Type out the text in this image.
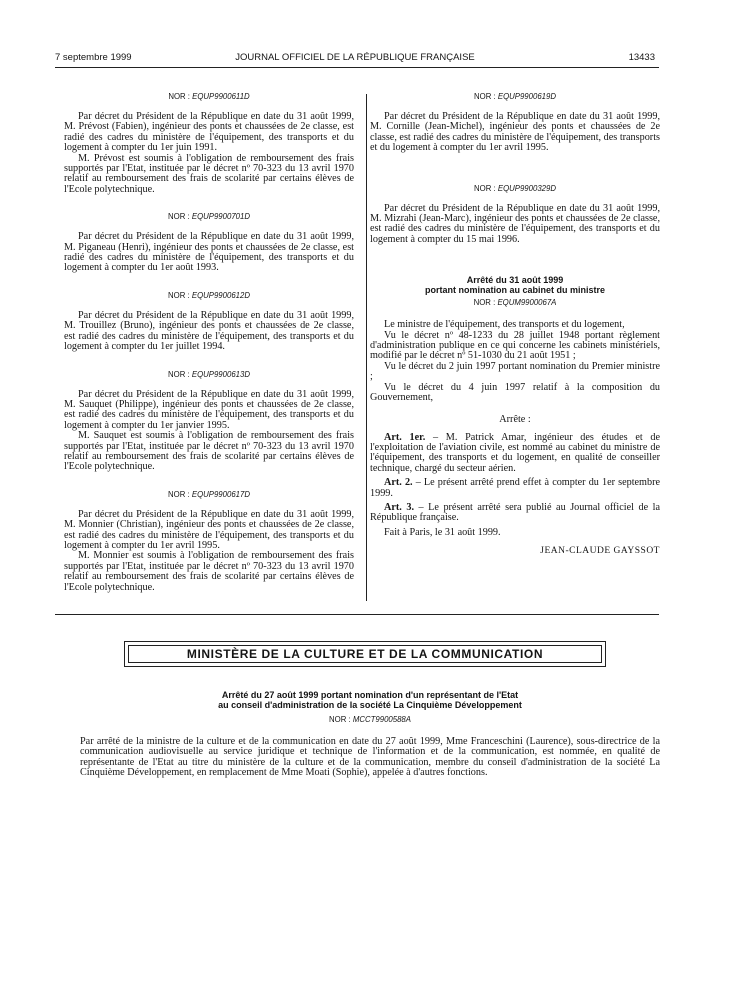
7 septembre 1999	JOURNAL OFFICIEL DE LA RÉPUBLIQUE FRANÇAISE	13433
NOR : EQUP9900611D

Par décret du Président de la République en date du 31 août 1999, M. Prévost (Fabien), ingénieur des ponts et chaussées de 2e classe, est radié des cadres du ministère de l'équipement, des transports et du logement à compter du 1er juin 1991.

M. Prévost est soumis à l'obligation de remboursement des frais supportés par l'Etat, instituée par le décret nº 70-323 du 13 avril 1970 relatif au remboursement des frais de scolarité par certains élèves de l'Ecole polytechnique.

NOR : EQUP9900701D

Par décret du Président de la République en date du 31 août 1999, M. Piganeau (Henri), ingénieur des ponts et chaussées de 2e classe, est radié des cadres du ministère de l'équipement, des transports et du logement à compter du 1er août 1993.

NOR : EQUP9900612D

Par décret du Président de la République en date du 31 août 1999, M. Trouillez (Bruno), ingénieur des ponts et chaussées de 2e classe, est radié des cadres du ministère de l'équipement, des transports et du logement à compter du 1er juillet 1994.

NOR : EQUP9900613D

Par décret du Président de la République en date du 31 août 1999, M. Sauquet (Philippe), ingénieur des ponts et chaussées de 2e classe, est radié des cadres du ministère de l'équipement, des transports et du logement à compter du 1er janvier 1995.

M. Sauquet est soumis à l'obligation de remboursement des frais supportés par l'Etat, instituée par le décret nº 70-323 du 13 avril 1970 relatif au remboursement des frais de scolarité par certains élèves de l'Ecole polytechnique.

NOR : EQUP9900617D

Par décret du Président de la République en date du 31 août 1999, M. Monnier (Christian), ingénieur des ponts et chaussées de 2e classe, est radié des cadres du ministère de l'équipement, des transports et du logement à compter du 1er avril 1995.

M. Monnier est soumis à l'obligation de remboursement des frais supportés par l'Etat, instituée par le décret nº 70-323 du 13 avril 1970 relatif au remboursement des frais de scolarité par certains élèves de l'Ecole polytechnique.

NOR : EQUP9900619D

Par décret du Président de la République en date du 31 août 1999, M. Cornille (Jean-Michel), ingénieur des ponts et chaussées de 2e classe, est radié des cadres du ministère de l'équipement, des transports et du logement à compter du 1er avril 1995.

NOR : EQUP9900329D

Par décret du Président de la République en date du 31 août 1999, M. Mizrahi (Jean-Marc), ingénieur des ponts et chaussées de 2e classe, est radié des cadres du ministère de l'équipement, des transports et du logement à compter du 15 mai 1996.

Arrêté du 31 août 1999

portant nomination au cabinet du ministre

NOR : EQUM9900067A

Le ministre de l'équipement, des transports et du logement,

Vu le décret nº 48-1233 du 28 juillet 1948 portant règlement d'administration publique en ce qui concerne les cabinets ministériels, modifié par le décret nº 51-1030 du 21 août 1951 ;

Vu le décret du 2 juin 1997 portant nomination du Premier ministre ;

Vu le décret du 4 juin 1997 relatif à la composition du Gouvernement,

Arrête :

Art. 1er. – M. Patrick Amar, ingénieur des études et de l'exploitation de l'aviation civile, est nommé au cabinet du ministre de l'équipement, des transports et du logement, en qualité de conseiller technique, chargé du secteur aérien.

Art. 2. – Le présent arrêté prend effet à compter du 1er septembre 1999.

Art. 3. – Le présent arrêté sera publié au Journal officiel de la République française.

Fait à Paris, le 31 août 1999.

JEAN-CLAUDE GAYSSOT
MINISTÈRE DE LA CULTURE ET DE LA COMMUNICATION

Arrêté du 27 août 1999 portant nomination d'un représentant de l'Etat

au conseil d'administration de la société La Cinquième Développement

NOR : MCCT9900588A

Par arrêté de la ministre de la culture et de la communication en date du 27 août 1999, Mme Franceschini (Laurence), sous-directrice de la communication audiovisuelle au service juridique et technique de l'information et de la communication, est nommée, en qualité de représentante de l'Etat au titre du ministère de la culture et de la communication, membre du conseil d'administration de la société La Cinquième Développement, en remplacement de Mme Moati (Sophie), appelée à d'autres fonctions.
